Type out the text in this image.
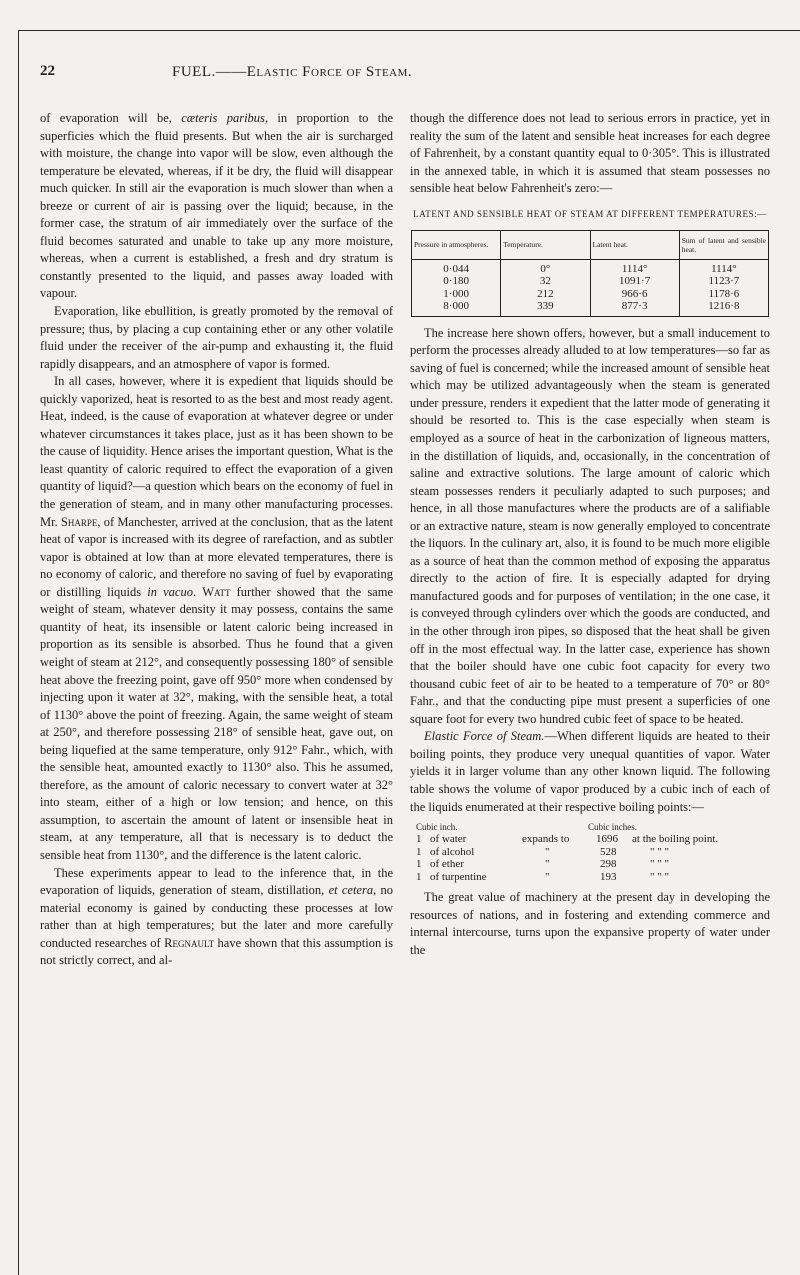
22	FUEL.——Elastic Force of Steam.

of evaporation will be, cæteris paribus, in proportion to the superficies which the fluid presents. But when the air is surcharged with moisture, the change into vapor will be slow, even although the temperature be elevated, whereas, if it be dry, the fluid will disappear much quicker. In still air the evaporation is much slower than when a breeze or current of air is passing over the liquid; because, in the former case, the stratum of air immediately over the surface of the fluid becomes saturated and unable to take up any more moisture, whereas, when a current is established, a fresh and dry stratum is constantly presented to the liquid, and passes away loaded with vapour.

Evaporation, like ebullition, is greatly promoted by the removal of pressure; thus, by placing a cup containing ether or any other volatile fluid under the receiver of the air-pump and exhausting it, the fluid rapidly disappears, and an atmosphere of vapor is formed.

In all cases, however, where it is expedient that liquids should be quickly vaporized, heat is resorted to as the best and most ready agent. Heat, indeed, is the cause of evaporation at whatever degree or under whatever circumstances it takes place, just as it has been shown to be the cause of liquidity. Hence arises the important question, What is the least quantity of caloric required to effect the evaporation of a given quantity of liquid?—a question which bears on the economy of fuel in the generation of steam, and in many other manufacturing processes. Mr. Sharpe, of Manchester, arrived at the conclusion, that as the latent heat of vapor is increased with its degree of rarefaction, and as subtler vapor is obtained at low than at more elevated temperatures, there is no economy of caloric, and therefore no saving of fuel by evaporating or distilling liquids in vacuo. Watt further showed that the same weight of steam, whatever density it may possess, contains the same quantity of heat, its insensible or latent caloric being increased in proportion as its sensible is absorbed. Thus he found that a given weight of steam at 212°, and consequently possessing 180° of sensible heat above the freezing point, gave off 950° more when condensed by injecting upon it water at 32°, making, with the sensible heat, a total of 1130° above the point of freezing. Again, the same weight of steam at 250°, and therefore possessing 218° of sensible heat, gave out, on being liquefied at the same temperature, only 912° Fahr., which, with the sensible heat, amounted exactly to 1130° also. This he assumed, therefore, as the amount of caloric necessary to convert water at 32° into steam, either of a high or low tension; and hence, on this assumption, to ascertain the amount of latent or insensible heat in steam, at any temperature, all that is necessary is to deduct the sensible heat from 1130°, and the difference is the latent caloric.

These experiments appear to lead to the inference that, in the evaporation of liquids, generation of steam, distillation, et cetera, no material economy is gained by conducting these processes at low rather than at high temperatures; but the later and more carefully conducted researches of Regnault have shown that this assumption is not strictly correct, and al-

though the difference does not lead to serious errors in practice, yet in reality the sum of the latent and sensible heat increases for each degree of Fahrenheit, by a constant quantity equal to 0·305°. This is illustrated in the annexed table, in which it is assumed that steam possesses no sensible heat below Fahrenheit's zero:—

LATENT AND SENSIBLE HEAT OF STEAM AT DIFFERENT TEMPERATURES:—
Pressure in atmospheres.	Temperature.	Latent heat.	Sum of latent and sensible heat.
0·044	0°	1114°	1114°
0·180	32	1091·7	1123·7
1·000	212	966·6	1178·6
8·000	339	877·3	1216·8

The increase here shown offers, however, but a small inducement to perform the processes already alluded to at low temperatures—so far as saving of fuel is concerned; while the increased amount of sensible heat which may be utilized advantageously when the steam is generated under pressure, renders it expedient that the latter mode of generating it should be resorted to. This is the case especially when steam is employed as a source of heat in the carbonization of ligneous matters, in the distillation of liquids, and, occasionally, in the concentration of saline and extractive solutions. The large amount of caloric which steam possesses renders it peculiarly adapted to such purposes; and hence, in all those manufactures where the products are of a salifiable or an extractive nature, steam is now generally employed to concentrate the liquors. In the culinary art, also, it is found to be much more eligible as a source of heat than the common method of exposing the apparatus directly to the action of fire. It is especially adapted for drying manufactured goods and for purposes of ventilation; in the one case, it is conveyed through cylinders over which the goods are conducted, and in the other through iron pipes, so disposed that the heat shall be given off in the most effectual way. In the latter case, experience has shown that the boiler should have one cubic foot capacity for every two thousand cubic feet of air to be heated to a temperature of 70° or 80° Fahr., and that the conducting pipe must present a superficies of one square foot for every two hundred cubic feet of space to be heated.

Elastic Force of Steam.—When different liquids are heated to their boiling points, they produce very unequal quantities of vapor. Water yields it in larger volume than any other known liquid. The following table shows the volume of vapor produced by a cubic inch of each of the liquids enumerated at their respective boiling points:—

Cubic inch.	Cubic inches.
1 of water	expands to 1696 at the boiling point.
1 of alcohol	"	528	" " "
1 of ether	"	298	" " "
1 of turpentine	"	193	" " "

The great value of machinery at the present day in developing the resources of nations, and in fostering and extending commerce and internal intercourse, turns upon the expansive property of water under the
